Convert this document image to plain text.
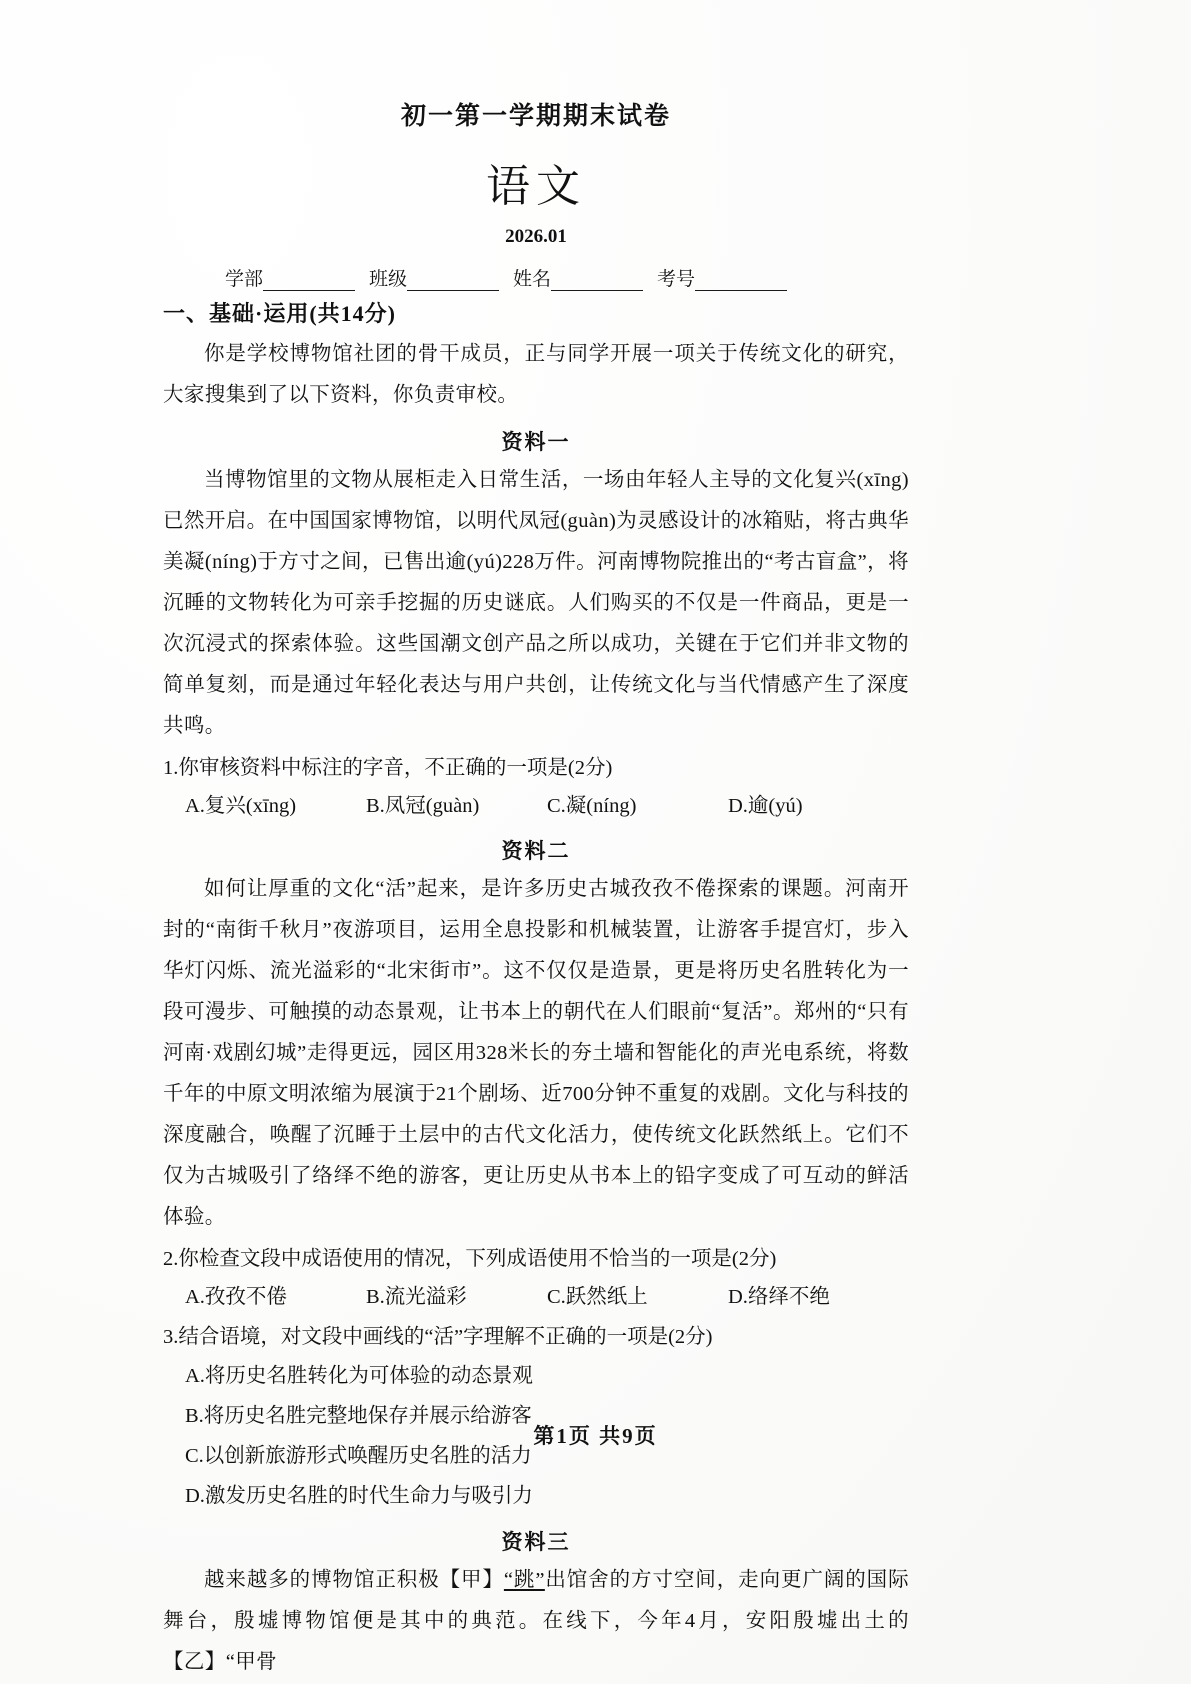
初一第一学期期末试卷
语文
2026.01
学部	班级	姓名	考号
一、基础·运用(共14分)

你是学校博物馆社团的骨干成员，正与同学开展一项关于传统文化的研究，大家搜集到了以下资料，你负责审校。

资料一

当博物馆里的文物从展柜走入日常生活，一场由年轻人主导的文化复兴(xīng)已然开启。在中国国家博物馆，以明代凤冠(guàn)为灵感设计的冰箱贴，将古典华美凝(níng)于方寸之间，已售出逾(yú)228万件。河南博物院推出的“考古盲盒”，将沉睡的文物转化为可亲手挖掘的历史谜底。人们购买的不仅是一件商品，更是一次沉浸式的探索体验。这些国潮文创产品之所以成功，关键在于它们并非文物的简单复刻，而是通过年轻化表达与用户共创，让传统文化与当代情感产生了深度共鸣。

1.你审核资料中标注的字音，不正确的一项是(2分)
A.复兴(xīng)	B.凤冠(guàn)	C.凝(níng)	D.逾(yú)
资料二

如何让厚重的文化“活”起来，是许多历史古城孜孜不倦探索的课题。河南开封的“南街千秋月”夜游项目，运用全息投影和机械装置，让游客手提宫灯，步入华灯闪烁、流光溢彩的“北宋街市”。这不仅仅是造景，更是将历史名胜转化为一段可漫步、可触摸的动态景观，让书本上的朝代在人们眼前“复活”。郑州的“只有河南·戏剧幻城”走得更远，园区用328米长的夯土墙和智能化的声光电系统，将数千年的中原文明浓缩为展演于21个剧场、近700分钟不重复的戏剧。文化与科技的深度融合，唤醒了沉睡于土层中的古代文化活力，使传统文化跃然纸上。它们不仅为古城吸引了络绎不绝的游客，更让历史从书本上的铅字变成了可互动的鲜活体验。

2.你检查文段中成语使用的情况，下列成语使用不恰当的一项是(2分)
A.孜孜不倦	B.流光溢彩	C.跃然纸上	D.络绎不绝
3.结合语境，对文段中画线的“活”字理解不正确的一项是(2分)
A.将历史名胜转化为可体验的动态景观
B.将历史名胜完整地保存并展示给游客
C.以创新旅游形式唤醒历史名胜的活力
D.激发历史名胜的时代生命力与吸引力
资料三

越来越多的博物馆正积极【甲】“跳”出馆舍的方寸空间，走向更广阔的国际舞台，殷墟博物馆便是其中的典范。在线下，今年4月，安阳殷墟出土的【乙】“甲骨

第1页 共9页
